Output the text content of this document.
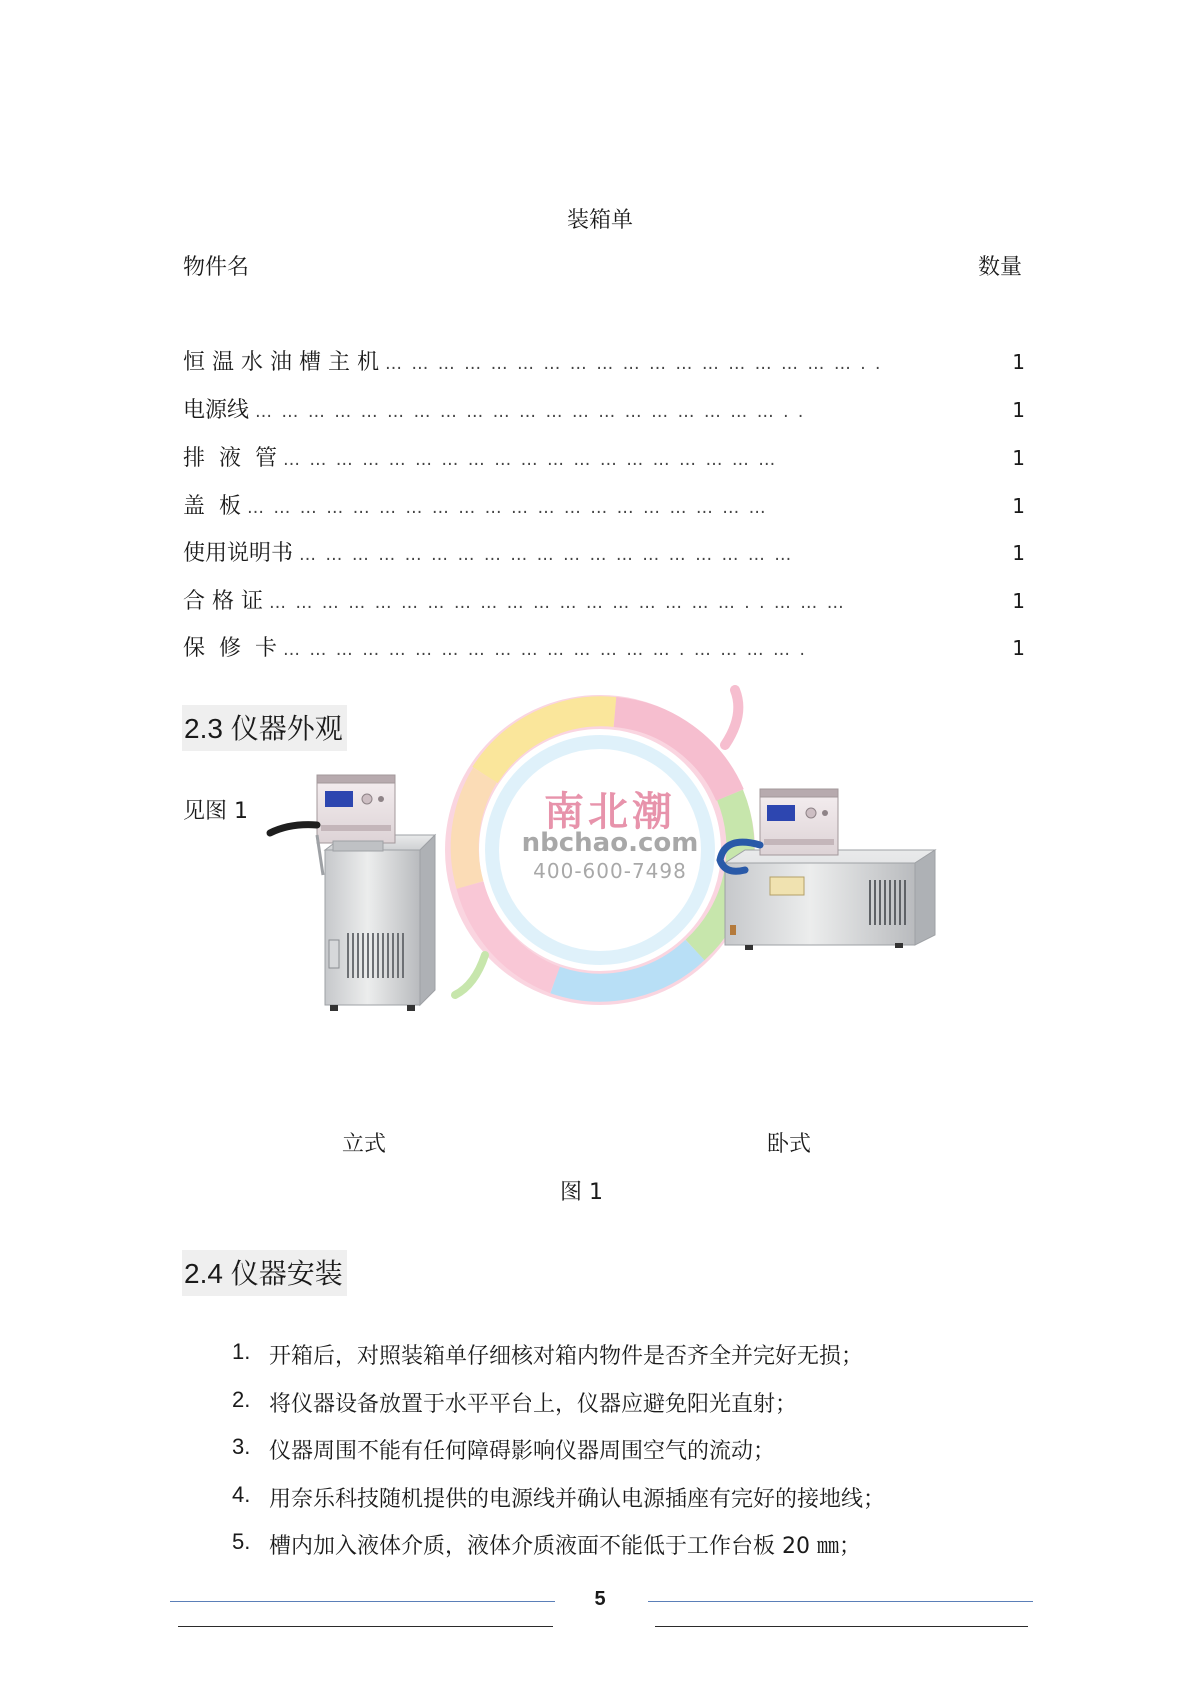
装箱单
物件名	数量
恒 温 水 油 槽 主 机 … … … … … … … … … … … … … … … … … … . .	1
电源线 … … … … … … … … … … … … … … … … … … … … . .	1
排  液  管 … … … … … … … … … … … … … … … … … … …	1
盖  板 … … … … … … … … … … … … … … … … … … … …	1
使用说明书 … … … … … … … … … … … … … … … … … … …	1
合 格 证 … … … … … … … … … … … … … … … … … … . . … … …	1
保  修  卡 … … … … … … … … … … … … … … … . … … … … .	1
2.3 仪器外观
见图 1	南北潮
nbchao.com
400-600-7498
立式	卧式
图 1
2.4 仪器安装
1. 开箱后，对照装箱单仔细核对箱内物件是否齐全并完好无损；
2. 将仪器设备放置于水平平台上，仪器应避免阳光直射；
3. 仪器周围不能有任何障碍影响仪器周围空气的流动；
4. 用奈乐科技随机提供的电源线并确认电源插座有完好的接地线；
5. 槽内加入液体介质，液体介质液面不能低于工作台板 20 ㎜；
5
